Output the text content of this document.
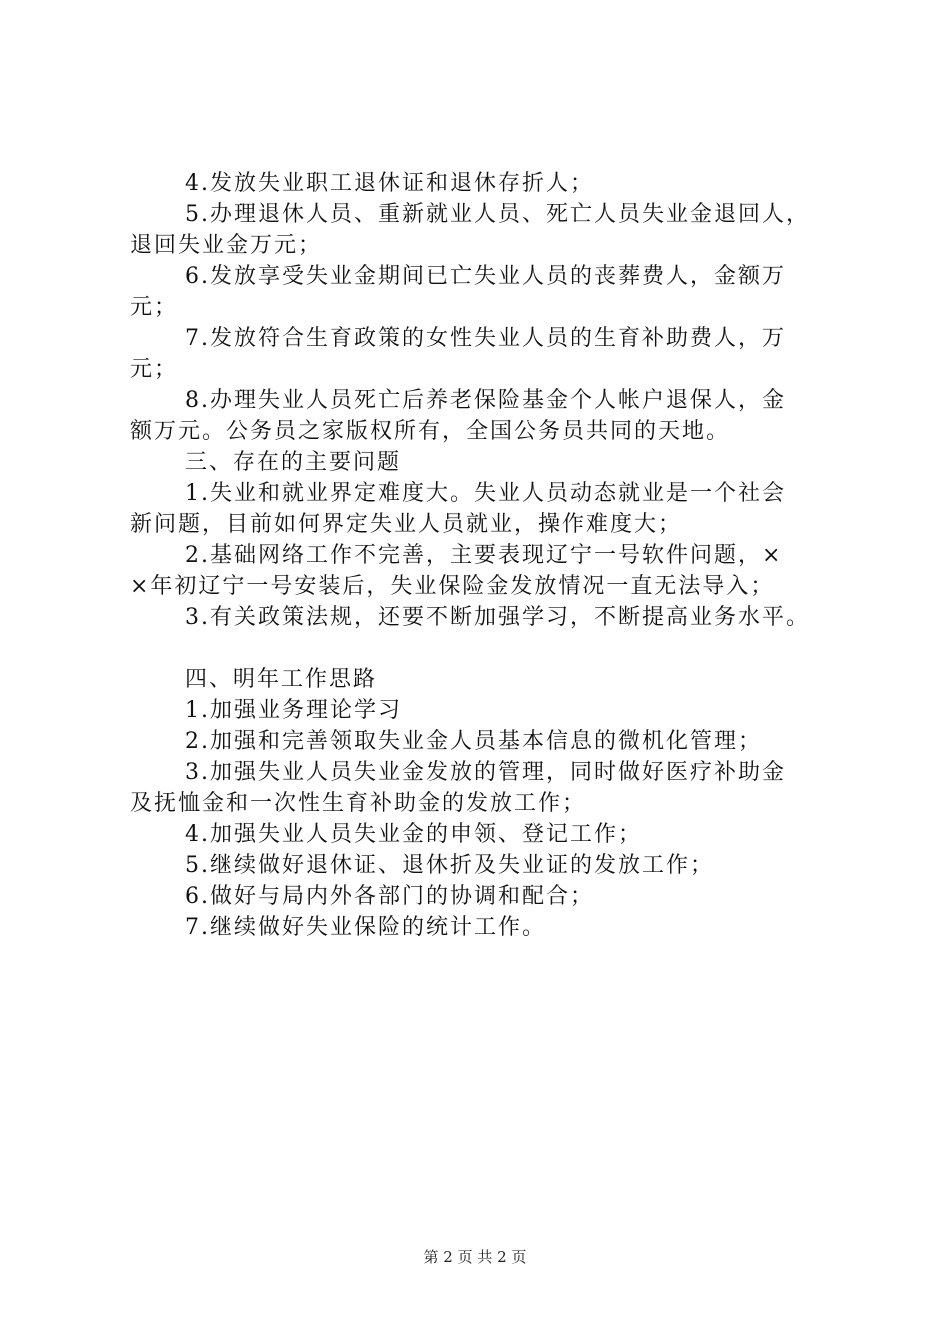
4.发放失业职工退休证和退休存折人；
5.办理退休人员、重新就业人员、死亡人员失业金退回人，
退回失业金万元；
6.发放享受失业金期间已亡失业人员的丧葬费人，金额万
元；
7.发放符合生育政策的女性失业人员的生育补助费人，万
元；
8.办理失业人员死亡后养老保险基金个人帐户退保人，金
额万元。公务员之家版权所有，全国公务员共同的天地。
三、存在的主要问题
1.失业和就业界定难度大。失业人员动态就业是一个社会
新问题，目前如何界定失业人员就业，操作难度大；
2.基础网络工作不完善，主要表现辽宁一号软件问题，×
×年初辽宁一号安装后，失业保险金发放情况一直无法导入；
3.有关政策法规，还要不断加强学习，不断提高业务水平。
四、明年工作思路
1.加强业务理论学习
2.加强和完善领取失业金人员基本信息的微机化管理；
3.加强失业人员失业金发放的管理，同时做好医疗补助金
及抚恤金和一次性生育补助金的发放工作；
4.加强失业人员失业金的申领、登记工作；
5.继续做好退休证、退休折及失业证的发放工作；
6.做好与局内外各部门的协调和配合；
7.继续做好失业保险的统计工作。
第 2 页 共 2 页
